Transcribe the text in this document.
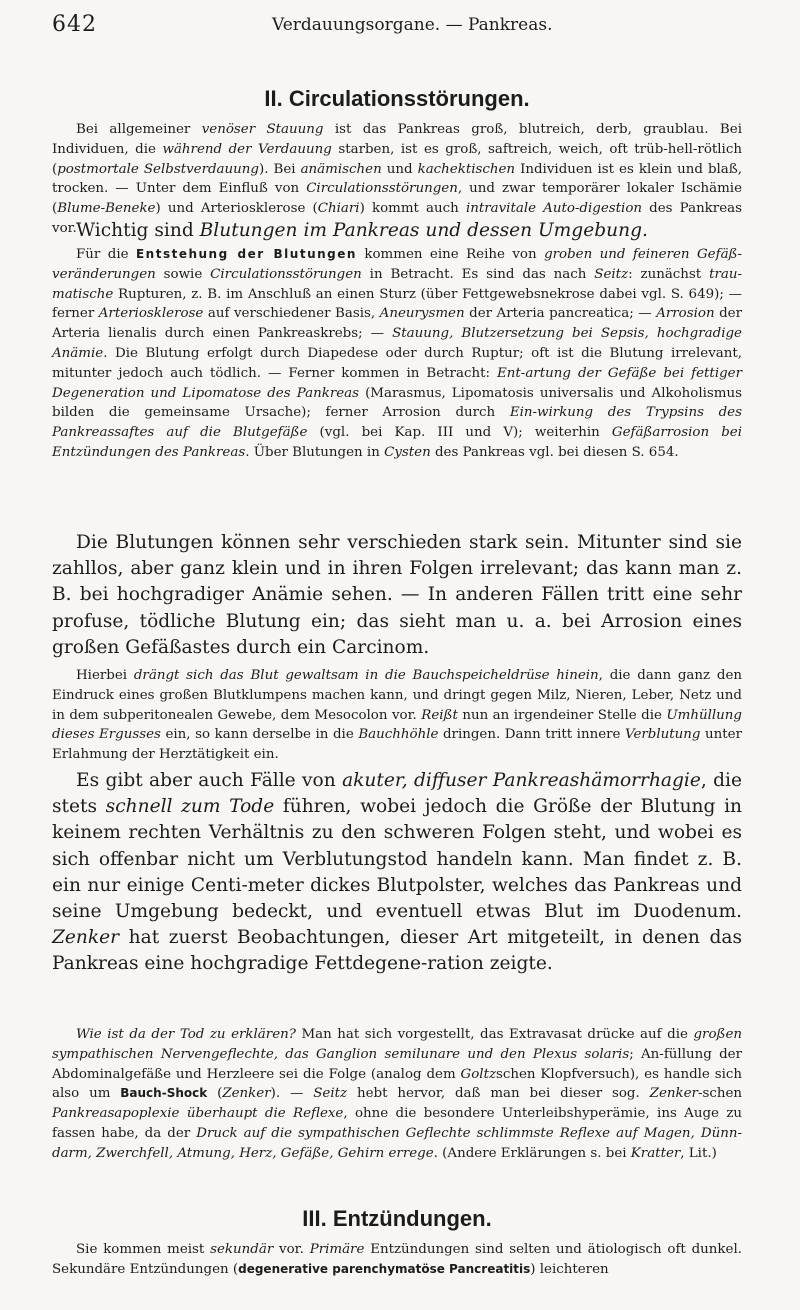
642	Verdauungsorgane. — Pankreas.
II. Circulationsstörungen.

Bei allgemeiner venöser Stauung ist das Pankreas groß, blutreich, derb, graublau. Bei Individuen, die während der Verdauung starben, ist es groß, saftreich, weich, oft trüb-hell-rötlich (postmortale Selbstverdauung). Bei anämischen und kachektischen Individuen ist es klein und blaß, trocken. — Unter dem Einfluß von Circulationsstörungen, und zwar temporärer lokaler Ischämie (Blume-Beneke) und Arteriosklerose (Chiari) kommt auch intravitale Auto-digestion des Pankreas vor. Wichtig sind Blutungen im Pankreas und dessen Umgebung.

Für die Entstehung der Blutungen kommen eine Reihe von groben und feineren Gefäß-veränderungen sowie Circulationsstörungen in Betracht. Es sind das nach Seitz: zunächst trau-matische Rupturen, z. B. im Anschluß an einen Sturz (über Fettgewebsnekrose dabei vgl. S. 649); — ferner Arteriosklerose auf verschiedener Basis, Aneurysmen der Arteria pancreatica; — Arrosion der Arteria lienalis durch einen Pankreaskrebs; — Stauung, Blutzersetzung bei Sepsis, hochgradige Anämie. Die Blutung erfolgt durch Diapedese oder durch Ruptur; oft ist die Blutung irrelevant, mitunter jedoch auch tödlich. — Ferner kommen in Betracht: Ent-artung der Gefäße bei fettiger Degeneration und Lipomatose des Pankreas (Marasmus, Lipomatosis universalis und Alkoholismus bilden die gemeinsame Ursache); ferner Arrosion durch Ein-wirkung des Trypsins des Pankreassaftes auf die Blutgefäße (vgl. bei Kap. III und V); weiterhin Gefäßarrosion bei Entzündungen des Pankreas. Über Blutungen in Cysten des Pankreas vgl. bei diesen S. 654.

Die Blutungen können sehr verschieden stark sein. Mitunter sind sie zahllos, aber ganz klein und in ihren Folgen irrelevant; das kann man z. B. bei hochgradiger Anämie sehen. — In anderen Fällen tritt eine sehr profuse, tödliche Blutung ein; das sieht man u. a. bei Arrosion eines großen Gefäßastes durch ein Carcinom.

Hierbei drängt sich das Blut gewaltsam in die Bauchspeicheldrüse hinein, die dann ganz den Eindruck eines großen Blutklumpens machen kann, und dringt gegen Milz, Nieren, Leber, Netz und in dem subperitonealen Gewebe, dem Mesocolon vor. Reißt nun an irgendeiner Stelle die Umhüllung dieses Ergusses ein, so kann derselbe in die Bauchhöhle dringen. Dann tritt innere Verblutung unter Erlahmung der Herztätigkeit ein.

Es gibt aber auch Fälle von akuter, diffuser Pankreashämorrhagie, die stets schnell zum Tode führen, wobei jedoch die Größe der Blutung in keinem rechten Verhältnis zu den schweren Folgen steht, und wobei es sich offenbar nicht um Verblutungstod handeln kann. Man findet z. B. ein nur einige Centi-meter dickes Blutpolster, welches das Pankreas und seine Umgebung bedeckt, und eventuell etwas Blut im Duodenum. Zenker hat zuerst Beobachtungen, dieser Art mitgeteilt, in denen das Pankreas eine hochgradige Fettdegene-ration zeigte.

Wie ist da der Tod zu erklären? Man hat sich vorgestellt, das Extravasat drücke auf die großen sympathischen Nervengeflechte, das Ganglion semilunare und den Plexus solaris; An-füllung der Abdominalgefäße und Herzleere sei die Folge (analog dem Goltzschen Klopfversuch), es handle sich also um Bauch-Shock (Zenker). — Seitz hebt hervor, daß man bei dieser sog. Zenker-schen Pankreasapoplexie überhaupt die Reflexe, ohne die besondere Unterleibshyperämie, ins Auge zu fassen habe, da der Druck auf die sympathischen Geflechte schlimmste Reflexe auf Magen, Dünn-darm, Zwerchfell, Atmung, Herz, Gefäße, Gehirn errege. (Andere Erklärungen s. bei Kratter, Lit.)

III. Entzündungen.

Sie kommen meist sekundär vor. Primäre Entzündungen sind selten und ätiologisch oft dunkel. Sekundäre Entzündungen (degenerative parenchymatöse Pancreatitis) leichteren
